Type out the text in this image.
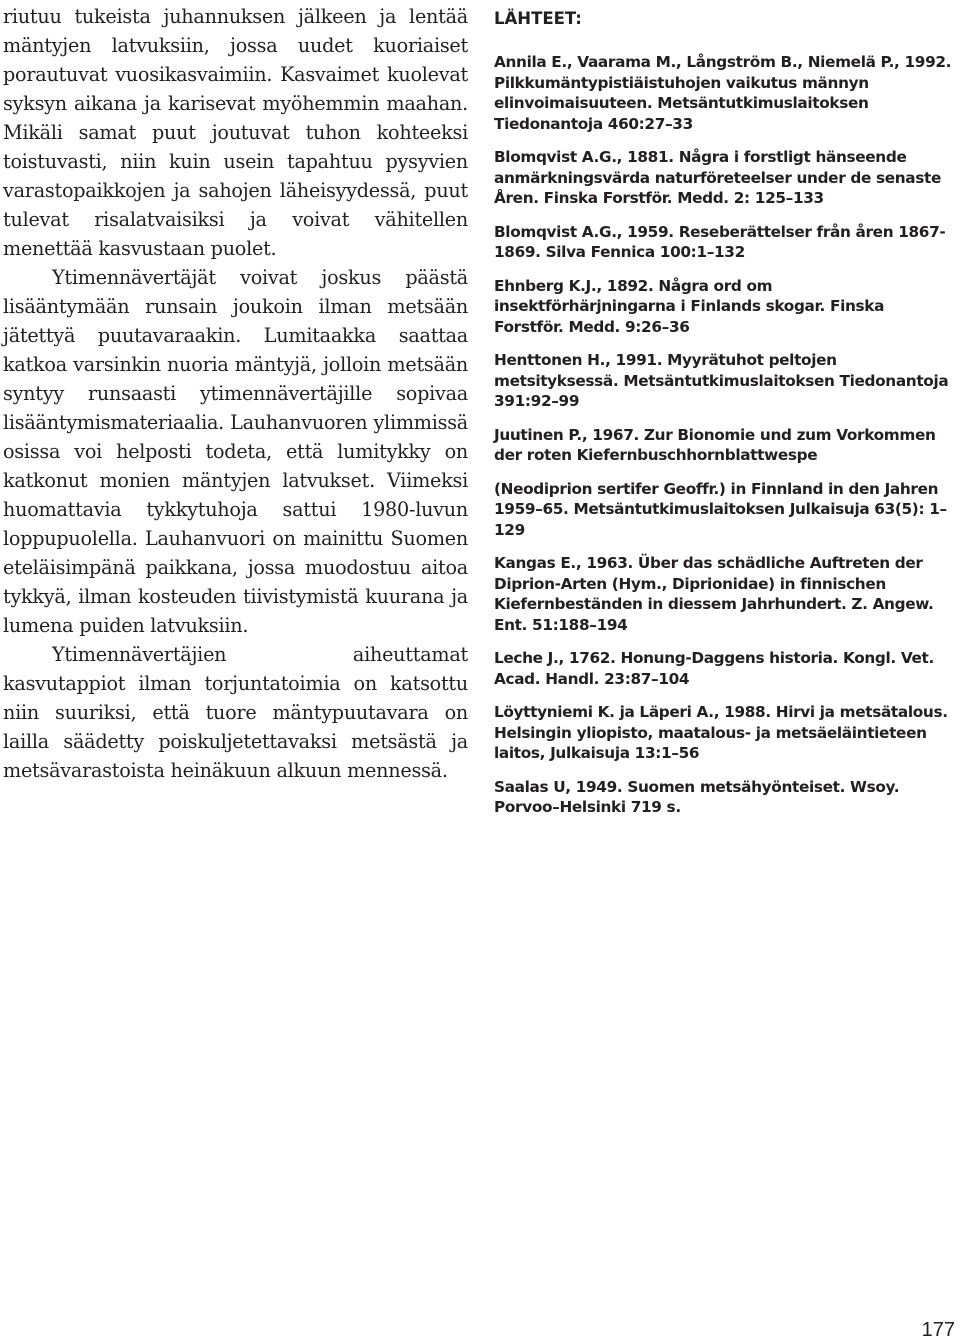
riutuu tukeista juhannuksen jälkeen ja lentää mäntyjen latvuksiin, jossa uudet kuoriaiset porautuvat vuosikasvaimiin. Kasvaimet kuolevat syksyn aikana ja karisevat myöhemmin maahan. Mikäli samat puut joutuvat tuhon kohteeksi toistuvasti, niin kuin usein tapahtuu pysyvien varastopaikkojen ja sahojen läheisyydessä, puut tulevat risalatvaisiksi ja voivat vähitellen menettää kasvustaan puolet.

Ytimennävertäjät voivat joskus päästä lisääntymään runsain joukoin ilman metsään jätettyä puutavaraakin. Lumitaakka saattaa katkoa varsinkin nuoria mäntyjä, jolloin metsään syntyy runsaasti ytimennävertäjille sopivaa lisääntymismateriaalia. Lauhanvuoren ylimmissä osissa voi helposti todeta, että lumitykky on katkonut monien mäntyjen latvukset. Viimeksi huomattavia tykkytuhoja sattui 1980-luvun loppupuolella. Lauhanvuori on mainittu Suomen eteläisimpänä paikkana, jossa muodostuu aitoa tykkyä, ilman kosteuden tiivistymistä kuurana ja lumena puiden latvuksiin.

Ytimennävertäjien aiheuttamat kasvutappiot ilman torjuntatoimia on katsottu niin suuriksi, että tuore mäntypuutavara on lailla säädetty poiskuljetettavaksi metsästä ja metsävarastoista heinäkuun alkuun mennessä.

LÄHTEET:
Annila E., Vaarama M., Långström B., Niemelä P., 1992. Pilkkumäntypistiäistuhojen vaikutus männyn elinvoimaisuuteen. Metsäntutkimuslaitoksen Tiedonantoja 460:27–33
Blomqvist A.G., 1881. Några i forstligt hänseende anmärkningsvärda naturföreteelser under de senaste Åren. Finska Forstför. Medd. 2: 125–133
Blomqvist A.G., 1959. Reseberättelser från åren 1867-1869. Silva Fennica 100:1–132
Ehnberg K.J., 1892. Några ord om insektförhärjningarna i Finlands skogar. Finska Forstför. Medd. 9:26–36
Henttonen H., 1991. Myyrätuhot peltojen metsityksessä. Metsäntutkimuslaitoksen Tiedonantoja 391:92–99
Juutinen P., 1967. Zur Bionomie und zum Vorkommen der roten Kiefernbuschhornblattwespe
(Neodiprion sertifer Geoffr.) in Finnland in den Jahren 1959–65. Metsäntutkimuslaitoksen Julkaisuja 63(5): 1–129
Kangas E., 1963. Über das schädliche Auftreten der Diprion-Arten (Hym., Diprionidae) in finnischen Kiefernbeständen in diessem Jahrhundert. Z. Angew. Ent. 51:188–194
Leche J., 1762. Honung-Daggens historia. Kongl. Vet. Acad. Handl. 23:87–104
Löyttyniemi K. ja Läperi A., 1988. Hirvi ja metsätalous. Helsingin yliopisto, maatalous- ja metsäeläintieteen laitos, Julkaisuja 13:1–56
Saalas U, 1949. Suomen metsähyönteiset. Wsoy. Porvoo–Helsinki 719 s.
177
